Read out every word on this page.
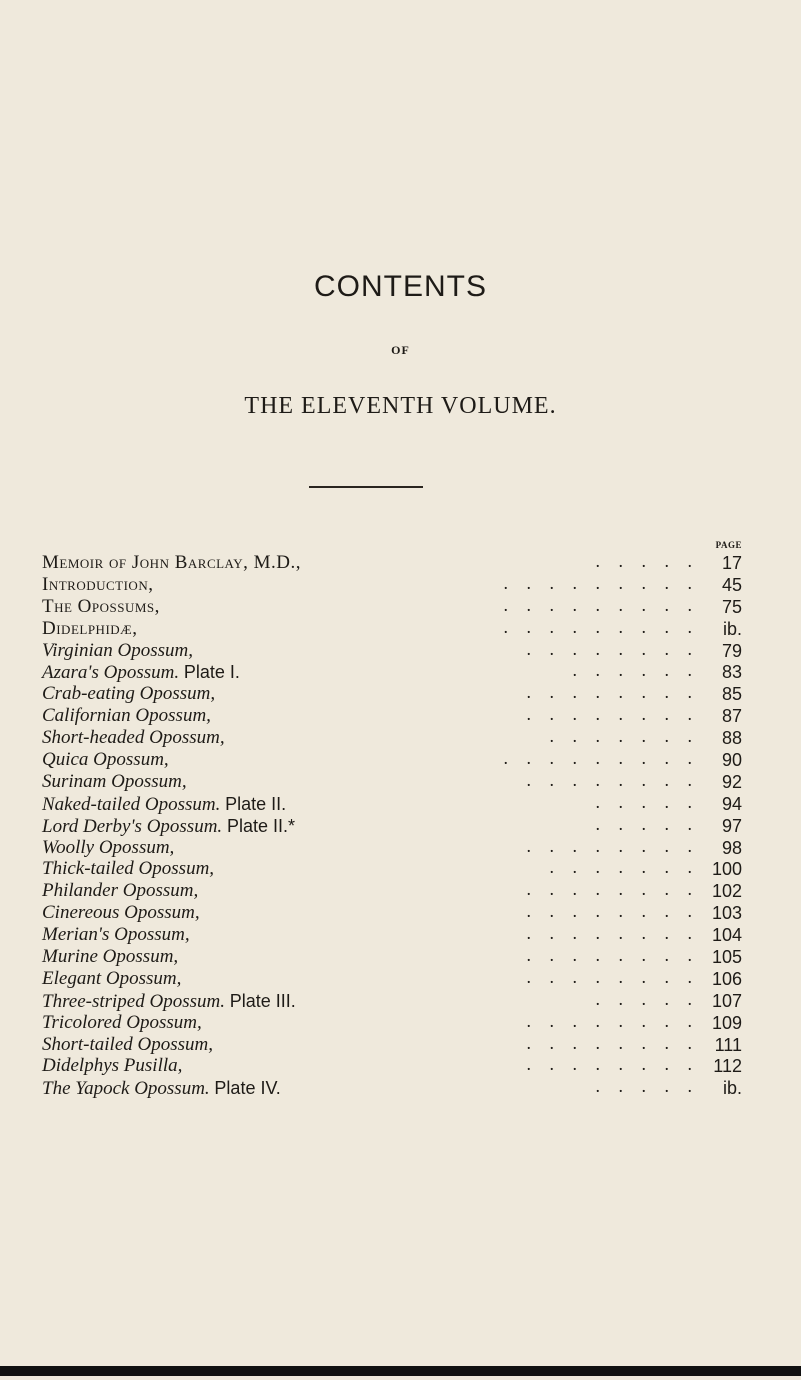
CONTENTS
OF
THE ELEVENTH VOLUME.
PAGE
Memoir of John Barclay, M.D.,	. . . . .	17
Introduction,	. . . . . . . . .	45
The Opossums,	. . . . . . . . .	75
Didelphidæ,	. . . . . . . . .	ib.
Virginian Opossum,	. . . . . . . .	79
Azara's Opossum. Plate I.	. . . . . .	83
Crab-eating Opossum,	. . . . . . . .	85
Californian Opossum,	. . . . . . . .	87
Short-headed Opossum,	. . . . . . .	88
Quica Opossum,	. . . . . . . . .	90
Surinam Opossum,	. . . . . . . .	92
Naked-tailed Opossum. Plate II.	. . . . .	94
Lord Derby's Opossum. Plate II.*	. . . . .	97
Woolly Opossum,	. . . . . . . .	98
Thick-tailed Opossum,	. . . . . . .	100
Philander Opossum,	. . . . . . . .	102
Cinereous Opossum,	. . . . . . . .	103
Merian's Opossum,	. . . . . . . .	104
Murine Opossum,	. . . . . . . .	105
Elegant Opossum,	. . . . . . . .	106
Three-striped Opossum. Plate III.	. . . . .	107
Tricolored Opossum,	. . . . . . . .	109
Short-tailed Opossum,	. . . . . . . .	111
Didelphys Pusilla,	. . . . . . . .	112
The Yapock Opossum. Plate IV.	. . . . .	ib.
